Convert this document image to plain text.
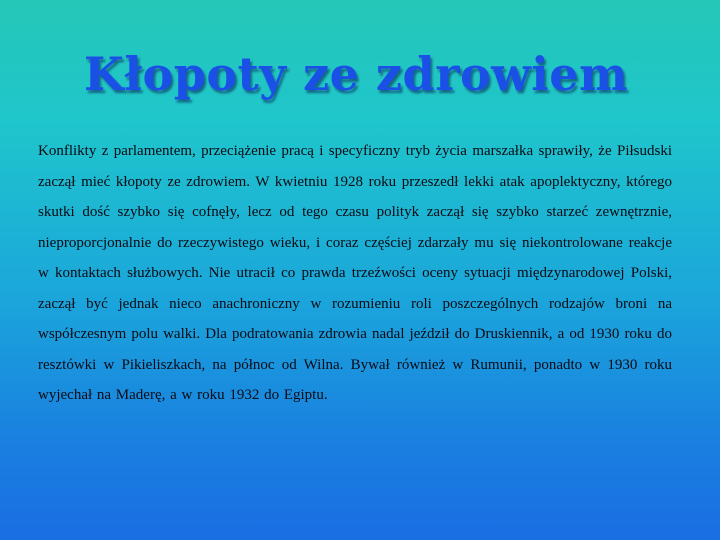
Kłopoty ze zdrowiem

Konflikty z parlamentem, przeciążenie pracą i specyficzny tryb życia marszałka sprawiły, że Piłsudski zaczął mieć kłopoty ze zdrowiem. W kwietniu 1928 roku przeszedł lekki atak apoplektyczny, którego skutki dość szybko się cofnęły, lecz od tego czasu polityk zaczął się szybko starzeć zewnętrznie, nieproporcjonalnie do rzeczywistego wieku, i coraz częściej zdarzały mu się niekontrolowane reakcje w kontaktach służbowych. Nie utracił co prawda trzeźwości oceny sytuacji międzynarodowej Polski, zaczął być jednak nieco anachroniczny w rozumieniu roli poszczególnych rodzajów broni na współczesnym polu walki. Dla podratowania zdrowia nadal jeździł do Druskiennik, a od 1930 roku do resztówki w Pikieliszkach, na północ od Wilna. Bywał również w Rumunii, ponadto w 1930 roku wyjechał na Maderę, a w roku 1932 do Egiptu.
